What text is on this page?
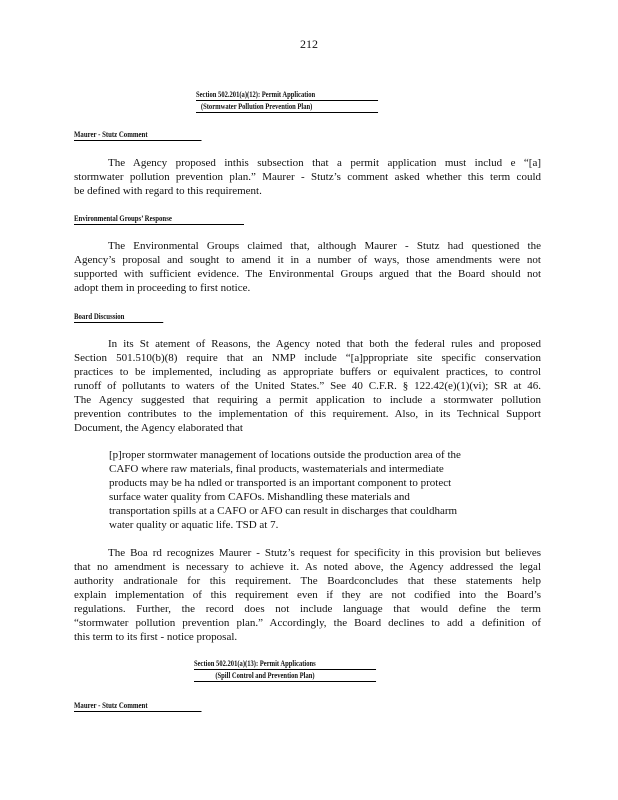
212
Section 502.201(a)(12): Permit Application
(Stormwater Pollution Prevention Plan)
Maurer - Stutz Comment
The Agency proposed inthis subsection that a permit application must includ e “[a]
stormwater pollution prevention plan.” Maurer - Stutz’s comment asked whether this term could
be defined with regard to this requirement.
Environmental Groups’ Response
The Environmental Groups claimed that, although Maurer - Stutz had questioned the
Agency’s proposal and sought to amend it in a number of ways, those amendments were not
supported with sufficient evidence. The Environmental Groups argued that the Board should not
adopt them in proceeding to first notice.
Board Discussion
In its St atement of Reasons, the Agency noted that both the federal rules and proposed
Section 501.510(b)(8) require that an NMP include “[a]ppropriate site specific conservation
practices to be implemented, including as appropriate buffers or equivalent practices, to control
runoff of pollutants to waters of the United States.” See 40 C.F.R. § 122.42(e)(1)(vi); SR at 46.
The Agency suggested that requiring a permit application to include a stormwater pollution
prevention contributes to the implementation of this requirement. Also, in its Technical Support
Document, the Agency elaborated that
[p]roper stormwater management of locations outside the production area of the
CAFO where raw materials, final products, wastematerials and intermediate
products may be ha ndled or transported is an important component to protect
surface water quality from CAFOs. Mishandling these materials and
transportation spills at a CAFO or AFO can result in discharges that couldharm
water quality or aquatic life. TSD at 7.
The Boa rd recognizes Maurer - Stutz’s request for specificity in this provision but believes
that no amendment is necessary to achieve it. As noted above, the Agency addressed the legal
authority andrationale for this requirement. The Boardconcludes that these statements help
explain implementation of this requirement even if they are not codified into the Board’s
regulations. Further, the record does not include language that would define the term
“stormwater pollution prevention plan.” Accordingly, the Board declines to add a definition of
this term to its first - notice proposal.
Section 502.201(a)(13): Permit Applications
(Spill Control and Prevention Plan)
Maurer - Stutz Comment
